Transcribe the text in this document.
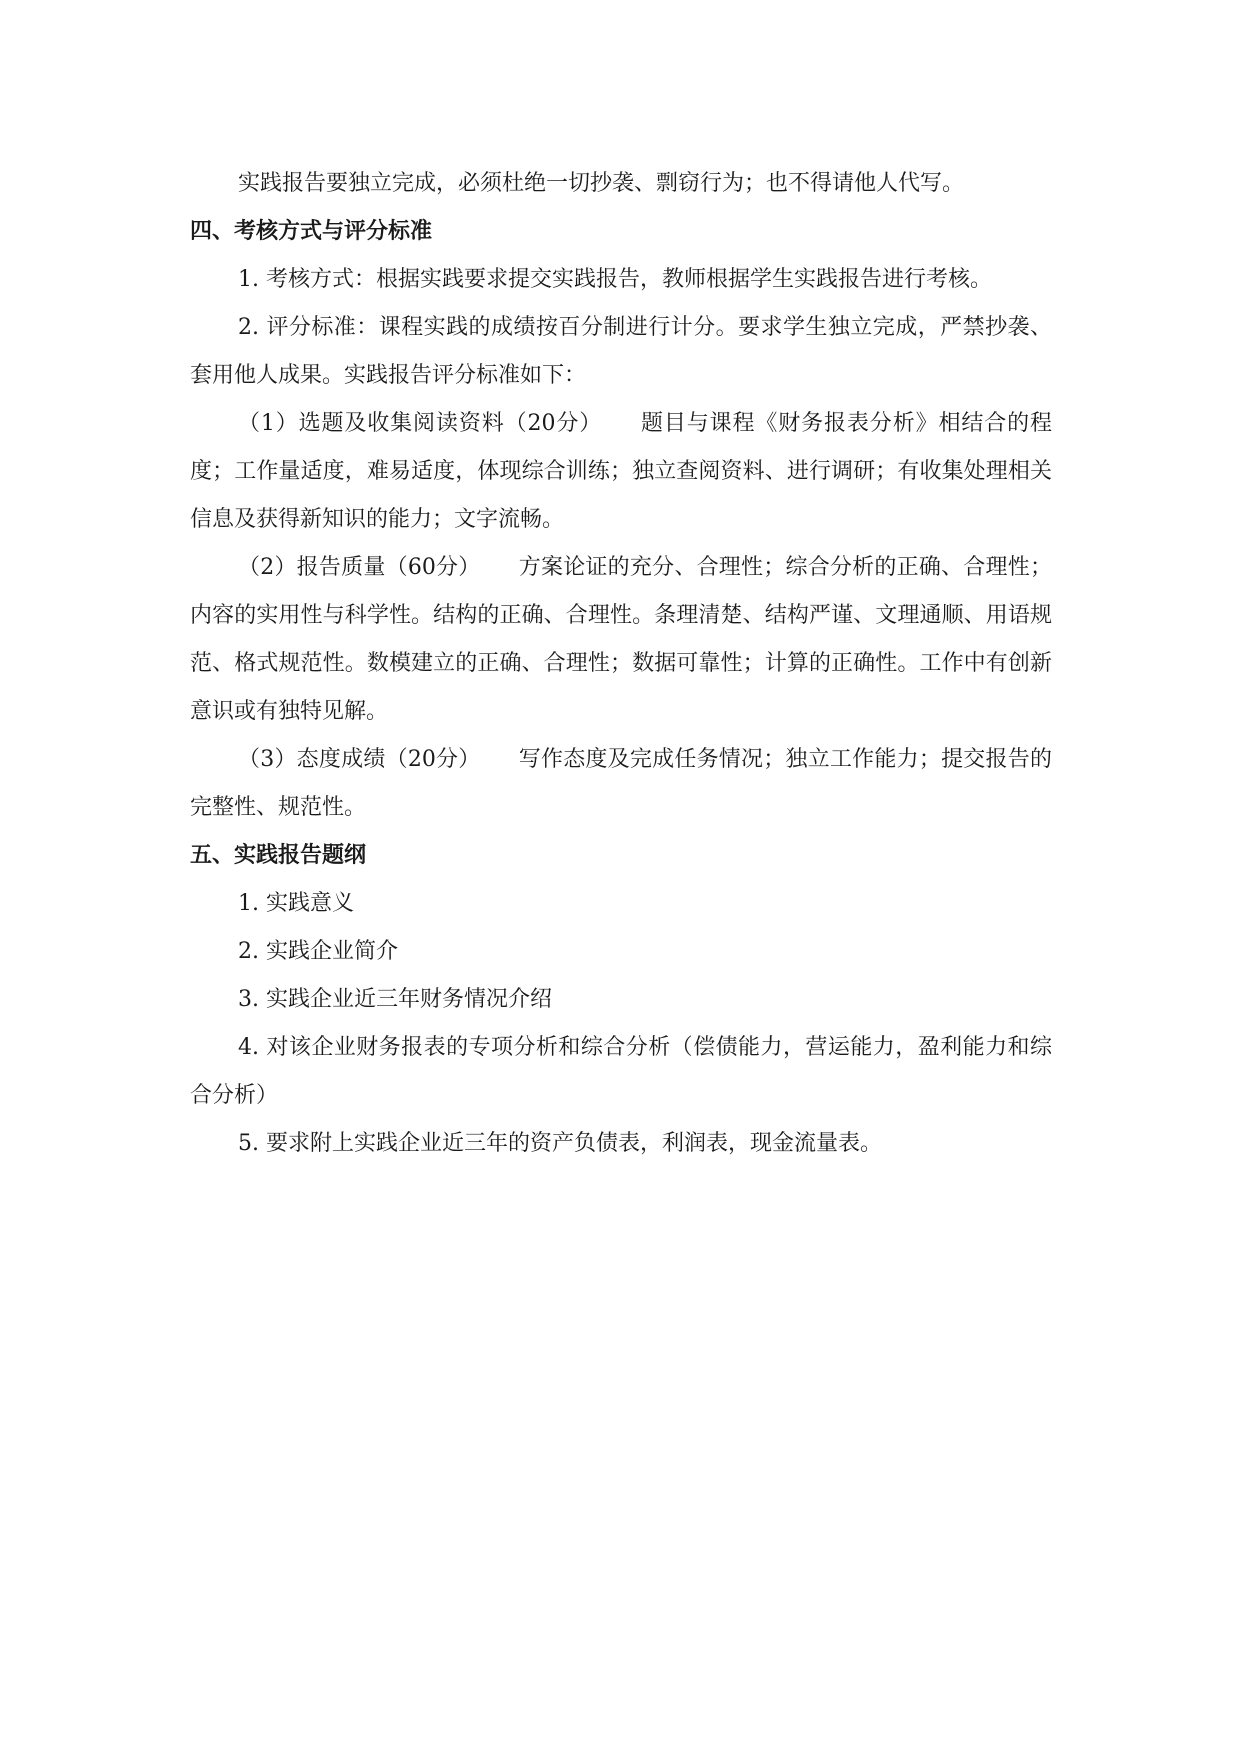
实践报告要独立完成，必须杜绝一切抄袭、剽窃行为；也不得请他人代写。

四、考核方式与评分标准

1. 考核方式：根据实践要求提交实践报告，教师根据学生实践报告进行考核。

2. 评分标准：课程实践的成绩按百分制进行计分。要求学生独立完成，严禁抄袭、套用他人成果。实践报告评分标准如下：

（1）选题及收集阅读资料（20分） 题目与课程《财务报表分析》相结合的程度；工作量适度，难易适度，体现综合训练；独立查阅资料、进行调研；有收集处理相关信息及获得新知识的能力；文字流畅。

（2）报告质量（60分） 方案论证的充分、合理性；综合分析的正确、合理性；内容的实用性与科学性。结构的正确、合理性。条理清楚、结构严谨、文理通顺、用语规范、格式规范性。数模建立的正确、合理性；数据可靠性；计算的正确性。工作中有创新意识或有独特见解。

（3）态度成绩（20分） 写作态度及完成任务情况；独立工作能力；提交报告的完整性、规范性。

五、实践报告题纲

1. 实践意义

2. 实践企业简介

3. 实践企业近三年财务情况介绍

4. 对该企业财务报表的专项分析和综合分析（偿债能力，营运能力，盈利能力和综合分析）

5. 要求附上实践企业近三年的资产负债表，利润表，现金流量表。
